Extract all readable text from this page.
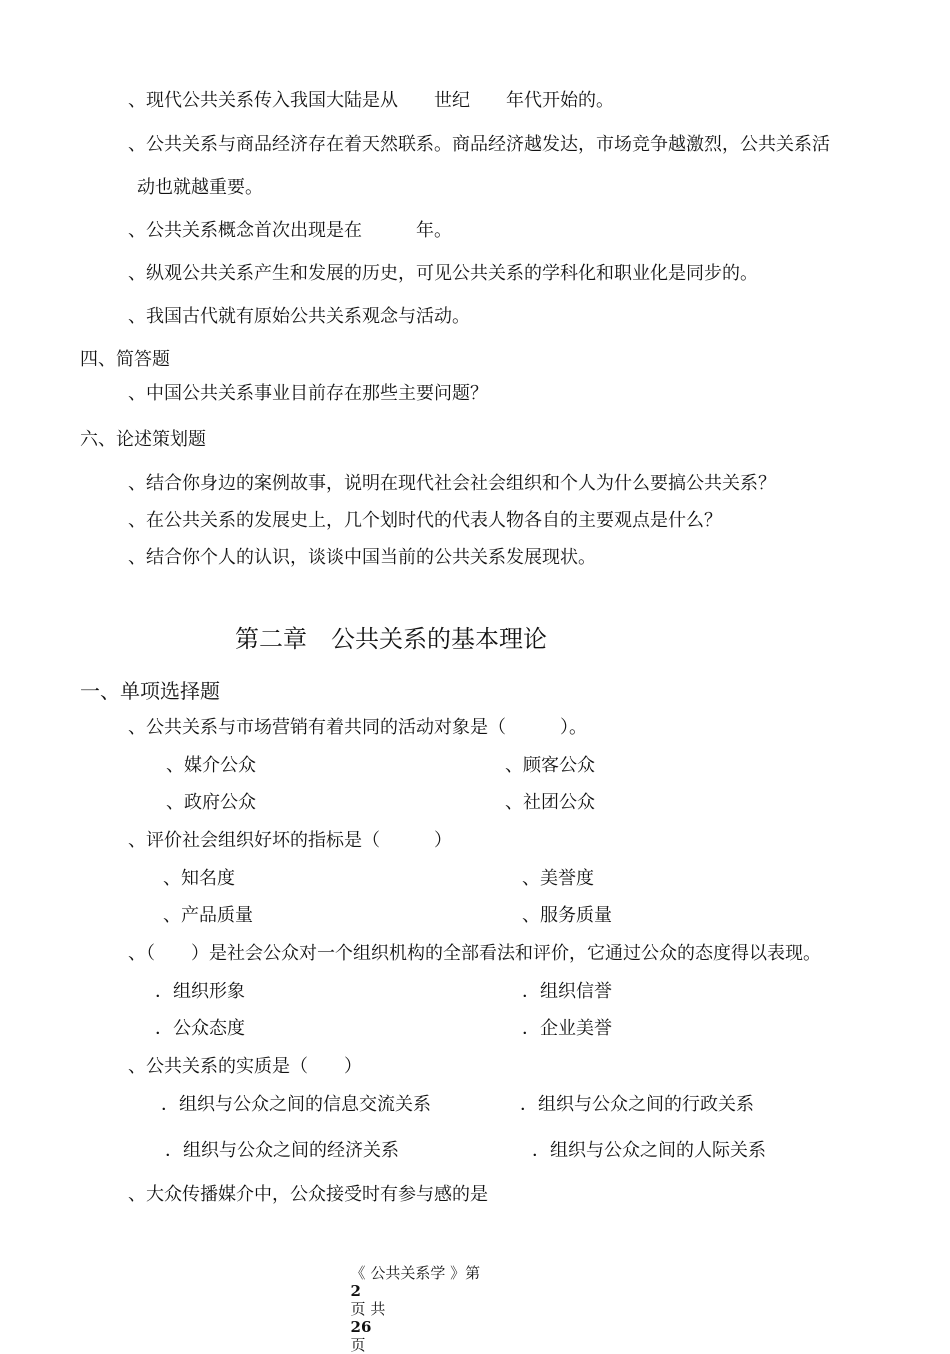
、现代公共关系传入我国大陆是从　　世纪　　年代开始的。
、公共关系与商品经济存在着天然联系。商品经济越发达，市场竞争越激烈，公共关系活
动也就越重要。
、公共关系概念首次出现是在　　　年。
、纵观公共关系产生和发展的历史，可见公共关系的学科化和职业化是同步的。
、我国古代就有原始公共关系观念与活动。
四、简答题
、中国公共关系事业目前存在那些主要问题？
六、论述策划题
、结合你身边的案例故事，说明在现代社会社会组织和个人为什么要搞公共关系？
、在公共关系的发展史上，几个划时代的代表人物各自的主要观点是什么？
、结合你个人的认识，谈谈中国当前的公共关系发展现状。
第二章　公共关系的基本理论
一、单项选择题
、公共关系与市场营销有着共同的活动对象是（　　　）。
、媒介公众	、顾客公众
、政府公众	、社团公众
、评价社会组织好坏的指标是（　　　）
、知名度	、美誉度
、产品质量	、服务质量
、（　　）是社会公众对一个组织机构的全部看法和评价，它通过公众的态度得以表现。
．组织形象	．组织信誉
．公众态度	．企业美誉
、公共关系的实质是（　　）
．组织与公众之间的信息交流关系	．组织与公众之间的行政关系
．组织与公众之间的经济关系	．组织与公众之间的人际关系
、大众传播媒介中，公众接受时有参与感的是

《 公共关系学 》第
2
页 共
26
页
